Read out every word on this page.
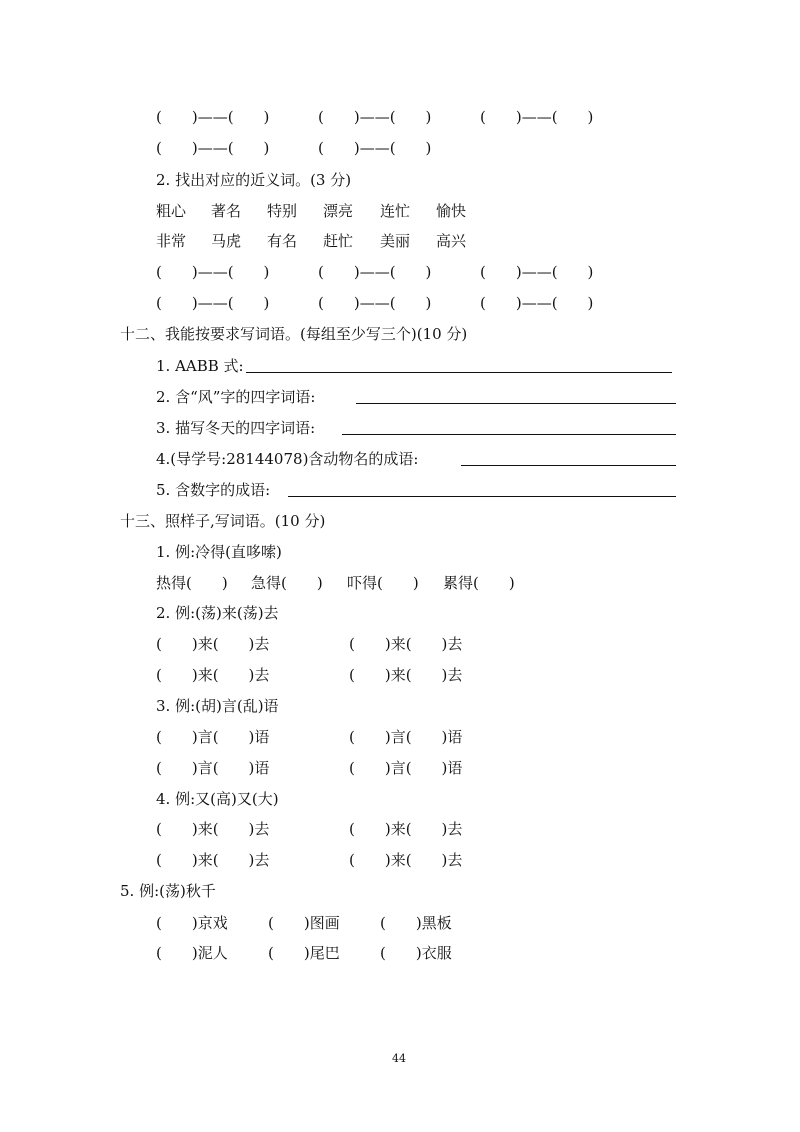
(　　)——(　　)	(　　)——(　　)	(　　)——(　　)
(　　)——(　　)	(　　)——(　　)
2. 找出对应的近义词。(3 分)
粗心 著名 特别 漂亮 连忙 愉快
非常 马虎 有名 赶忙 美丽 高兴
(　　)——(　　)	(　　)——(　　)	(　　)——(　　)
(　　)——(　　)	(　　)——(　　)	(　　)——(　　)
十二、我能按要求写词语。(每组至少写三个)(10 分)
1. AABB 式:
2. 含“风”字的四字词语:
3. 描写冬天的四字词语:
4.(导学号:28144078)含动物名的成语:
5. 含数字的成语:
十三、照样子,写词语。(10 分)
1. 例:冷得(直哆嗦)
热得(　　) 急得(　　) 吓得(　　) 累得(　　)
2. 例:(荡)来(荡)去
(　　)来(　　)去	(　　)来(　　)去
(　　)来(　　)去	(　　)来(　　)去
3. 例:(胡)言(乱)语
(　　)言(　　)语	(　　)言(　　)语
(　　)言(　　)语	(　　)言(　　)语
4. 例:又(高)又(大)
(　　)来(　　)去	(　　)来(　　)去
(　　)来(　　)去	(　　)来(　　)去
5. 例:(荡)秋千
(　　)京戏	(　　)图画	(　　)黑板
(　　)泥人	(　　)尾巴	(　　)衣服
44
